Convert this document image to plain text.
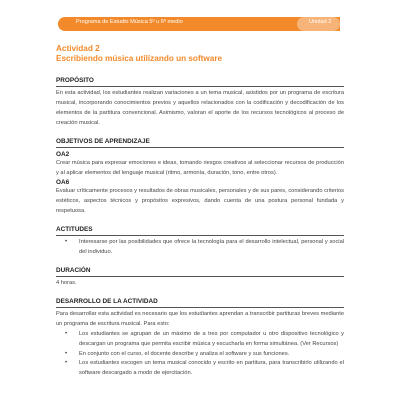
Programa de Estudio Música 5º u 6º medio	Unidad 2
Actividad 2
Escribiendo música utilizando un software
PROPÓSITO

En esta actividad, los estudiantes realizan variaciones a un tema musical, asistidos por un programa de escritura musical, incorporando conocimientos previos y aquellos relacionados con la codificación y decodificación de los elementos de la partitura convencional. Asimismo, valoran el aporte de los recursos tecnológicos al proceso de creación musical.

OBJETIVOS DE APRENDIZAJE
OA2

Crear música para expresar emociones e ideas, tomando riesgos creativos al seleccionar recursos de producción y al aplicar elementos del lenguaje musical (ritmo, armonía, duración, tono, entre otros).

OA6

Evaluar críticamente procesos y resultados de obras musicales, personales y de sus pares, considerando criterios estéticos, aspectos técnicos y propósitos expresivos, dando cuenta de una postura personal fundada y respetuosa.

ACTITUDES
• Interesarse por las posibilidades que ofrece la tecnología para el desarrollo intelectual, personal y social del individuo.
DURACIÓN

4 horas.

DESARROLLO DE LA ACTIVIDAD

Para desarrollar esta actividad es necesario que los estudiantes aprendan a transcribir partituras breves mediante un programa de escritura musical. Para esto:

• Los estudiantes se agrupan de un máximo de a tres por computador u otro dispositivo tecnológico y descargan un programa que permita escribir música y escucharla en forma simultánea. (Ver Recursos)
• En conjunto con el curso, el docente describe y analiza el software y sus funciones.
• Los estudiantes escogen un tema musical conocido y escrito en partitura, para transcribirlo utilizando el software descargado a modo de ejercitación.
